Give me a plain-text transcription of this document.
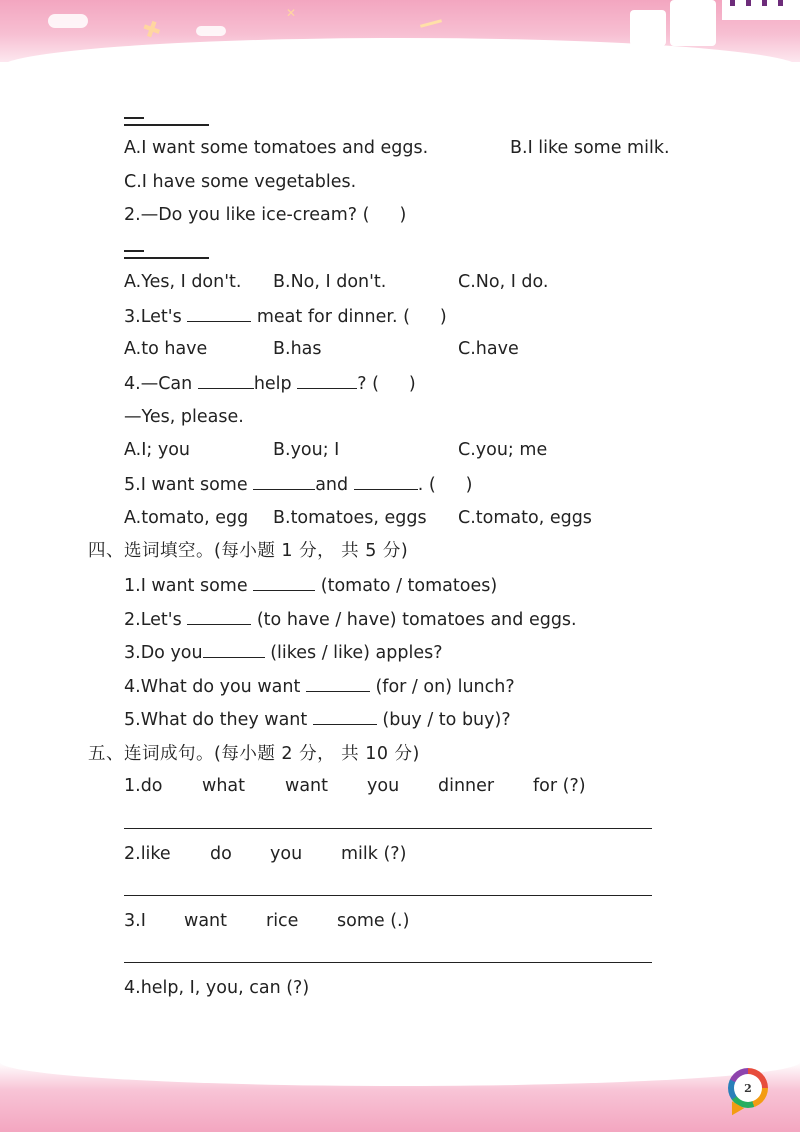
✚
✕
2
A.I want some tomatoes and eggs.	B.I like some milk.
C.I have some vegetables.
2.—Do you like ice-cream? ( )
A.Yes, I don't. B.No, I don't.	C.No, I do.
3.Let's	meat for dinner. ( )
A.to have	B.has	C.have
4.—Can	help	? ( )
—Yes, please.
A.I; you	B.you; I	C.you; me
5.I want some	and	. ( )
A.tomato, egg B.tomatoes, eggs C.tomato, eggs
四、选词填空。(每小题 1 分， 共 5 分)
1.I want some	(tomato / tomatoes)
2.Let's	(to have / have) tomatoes and eggs.
3.Do you	(likes / like) apples?
4.What do you want	(for / on) lunch?
5.What do they want	(buy / to buy)?
五、连词成句。(每小题 2 分， 共 10 分)
1.do what want you dinner for (?)
2.like do you milk (?)
3.I want rice some (.)
4.help, I, you, can (?)
